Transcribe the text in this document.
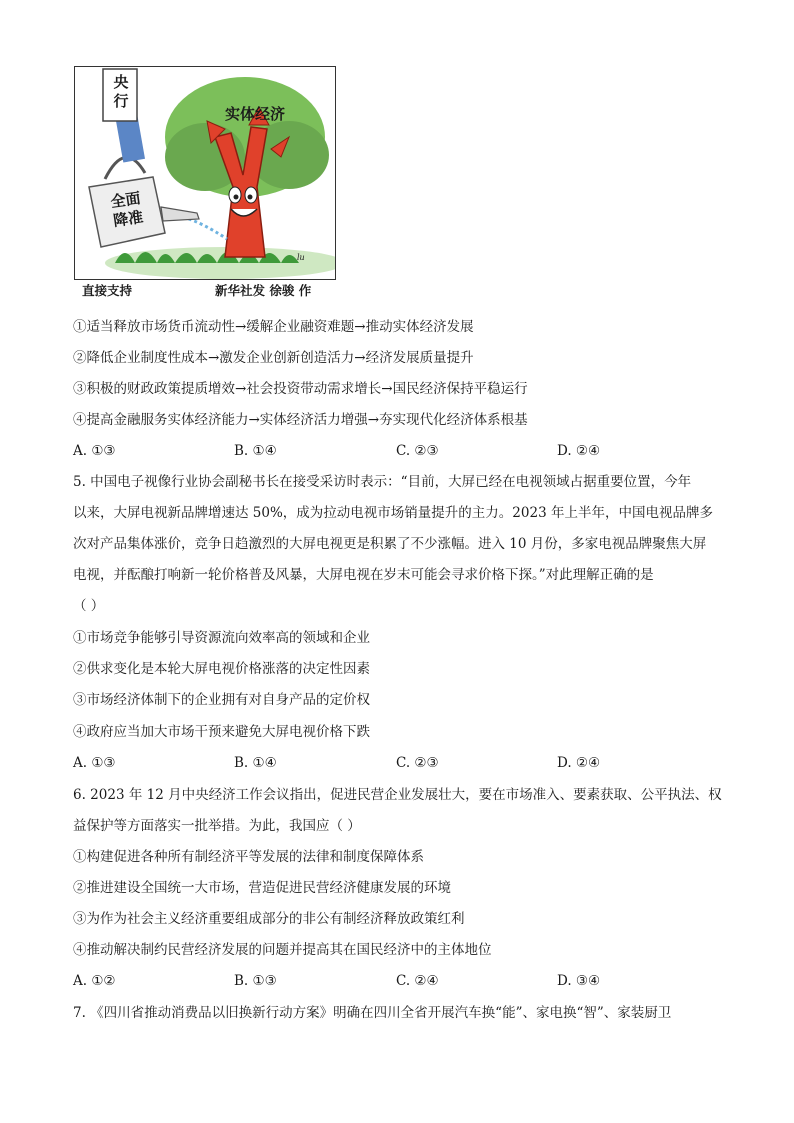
央
行
全面
降准
实体经济
lu
直接支持	新华社发 徐骏 作
①适当释放市场货币流动性→缓解企业融资难题→推动实体经济发展
②降低企业制度性成本→激发企业创新创造活力→经济发展质量提升
③积极的财政政策提质增效→社会投资带动需求增长→国民经济保持平稳运行
④提高金融服务实体经济能力→实体经济活力增强→夯实现代化经济体系根基
A. ①③	B. ①④	C. ②③	D. ②④
5. 中国电子视像行业协会副秘书长在接受采访时表示：“目前，大屏已经在电视领域占据重要位置，今年
以来，大屏电视新品牌增速达 50%，成为拉动电视市场销量提升的主力。2023 年上半年，中国电视品牌多
次对产品集体涨价，竞争日趋激烈的大屏电视更是积累了不少涨幅。进入 10 月份，多家电视品牌聚焦大屏
电视，并酝酿打响新一轮价格普及风暴，大屏电视在岁末可能会寻求价格下探。”对此理解正确的是
（ ）
①市场竞争能够引导资源流向效率高的领域和企业
②供求变化是本轮大屏电视价格涨落的决定性因素
③市场经济体制下的企业拥有对自身产品的定价权
④政府应当加大市场干预来避免大屏电视价格下跌
A. ①③	B. ①④	C. ②③	D. ②④
6. 2023 年 12 月中央经济工作会议指出，促进民营企业发展壮大，要在市场准入、要素获取、公平执法、权
益保护等方面落实一批举措。为此，我国应（ ）
①构建促进各种所有制经济平等发展的法律和制度保障体系
②推进建设全国统一大市场，营造促进民营经济健康发展的环境
③为作为社会主义经济重要组成部分的非公有制经济释放政策红利
④推动解决制约民营经济发展的问题并提高其在国民经济中的主体地位
A. ①②	B. ①③	C. ②④	D. ③④
7. 《四川省推动消费品以旧换新行动方案》明确在四川全省开展汽车换“能”、家电换“智”、家装厨卫
